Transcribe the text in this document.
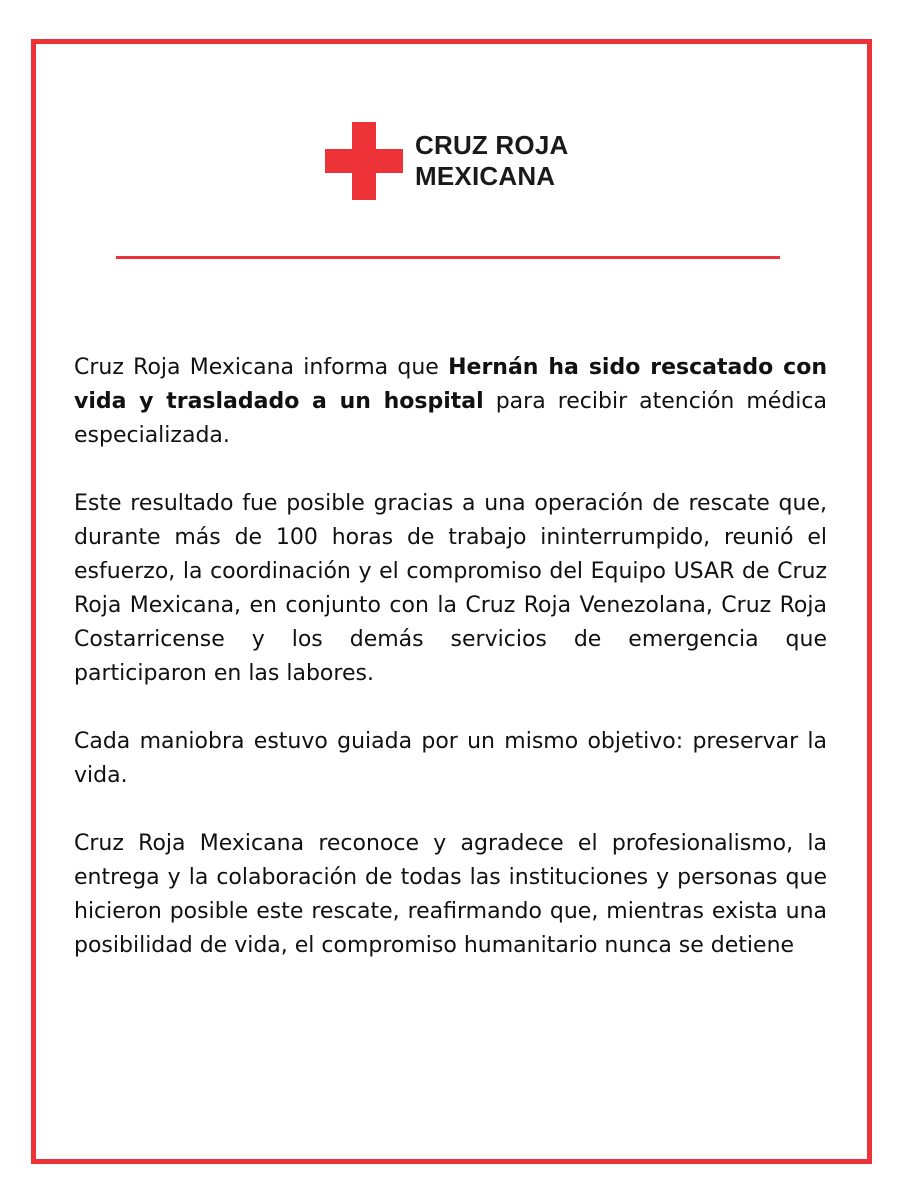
CRUZ ROJA
MEXICANA

Cruz Roja Mexicana informa que Hernán ha sido rescatado con vida y trasladado a un hospital para recibir atención médica especializada.

Este resultado fue posible gracias a una operación de rescate que, durante más de 100 horas de trabajo ininterrumpido, reunió el esfuerzo, la coordinación y el compromiso del Equipo USAR de Cruz Roja Mexicana, en conjunto con la Cruz Roja Venezolana, Cruz Roja Costarricense y los demás servicios de emergencia que participaron en las labores.

Cada maniobra estuvo guiada por un mismo objetivo: preservar la vida.

Cruz Roja Mexicana reconoce y agradece el profesionalismo, la entrega y la colaboración de todas las instituciones y personas que hicieron posible este rescate, reafirmando que, mientras exista una posibilidad de vida, el compromiso humanitario nunca se detiene
